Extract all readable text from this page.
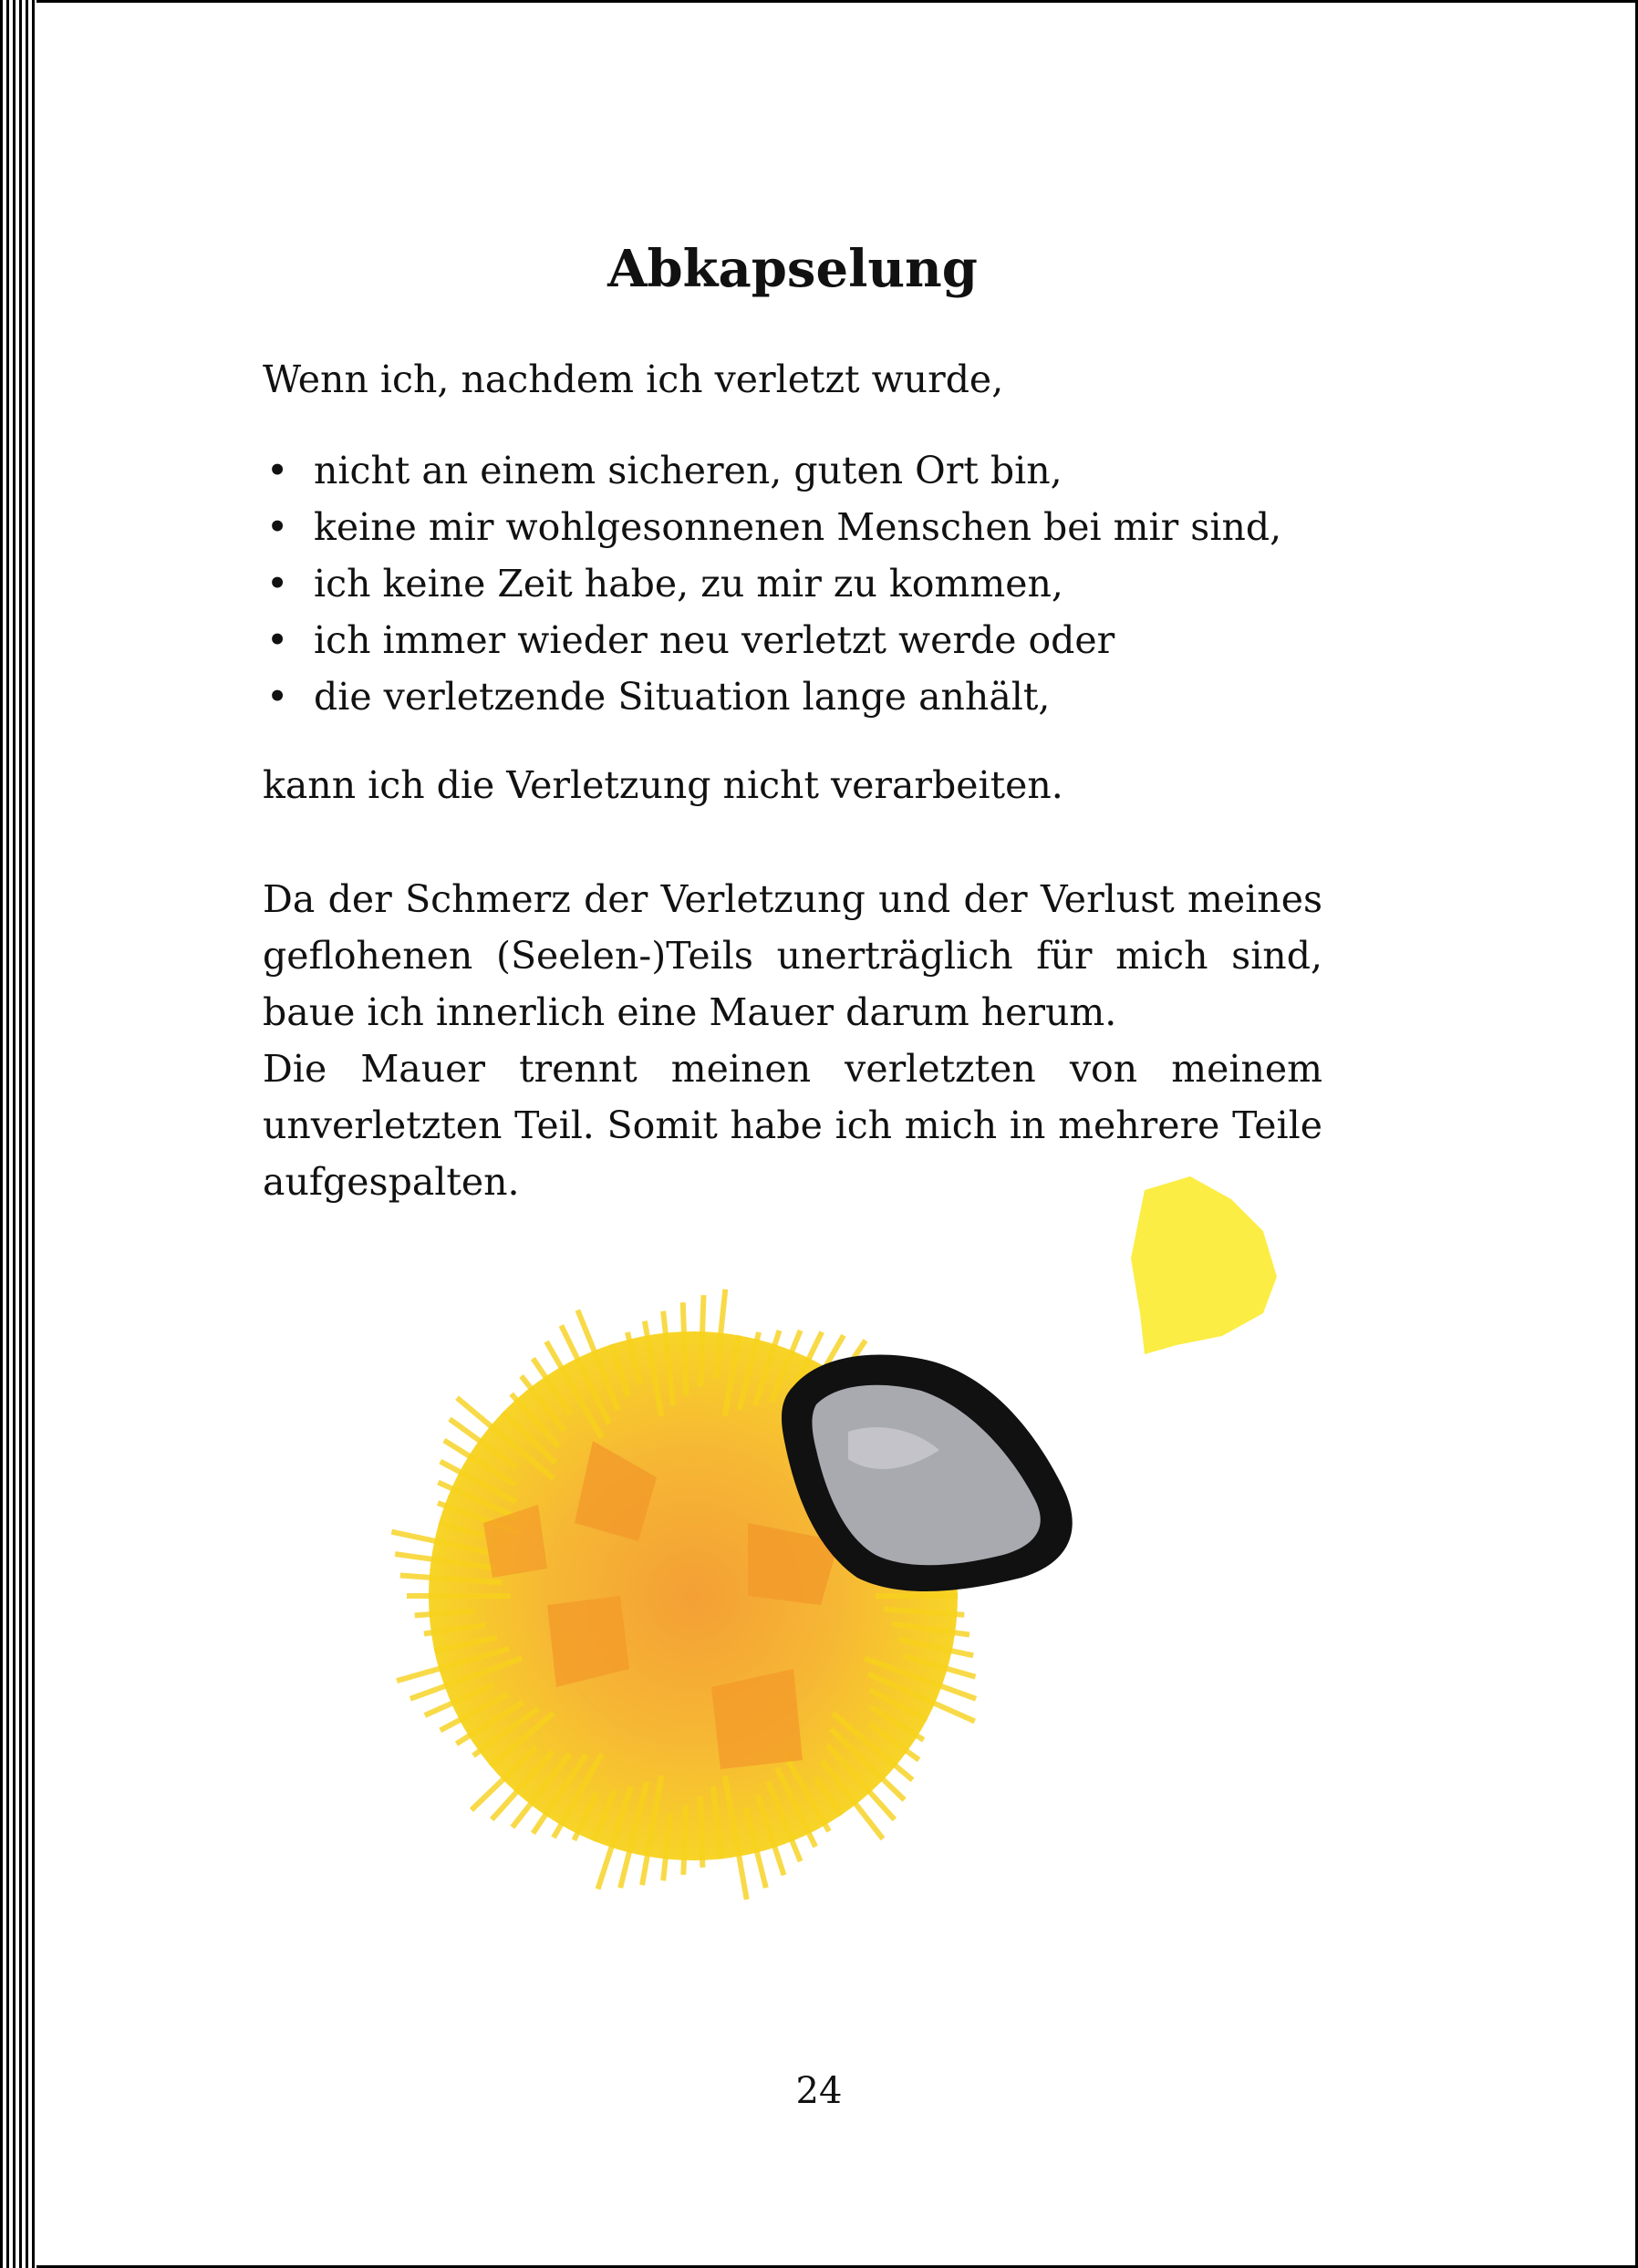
Abkapselung

Wenn ich, nachdem ich verletzt wurde,

• nicht an einem sicheren, guten Ort bin,
• keine mir wohlgesonnenen Menschen bei mir sind,
• ich keine Zeit habe, zu mir zu kommen,
• ich immer wieder neu verletzt werde oder
• die verletzende Situation lange anhält,

kann ich die Verletzung nicht verarbeiten.

Da der Schmerz der Verletzung und der Verlust meines geflohenen (Seelen-)Teils unerträglich für mich sind, baue ich innerlich eine Mauer darum herum.

Die Mauer trennt meinen verletzten von meinem unverletzten Teil. Somit habe ich mich in mehrere Teile aufgespalten.

24
